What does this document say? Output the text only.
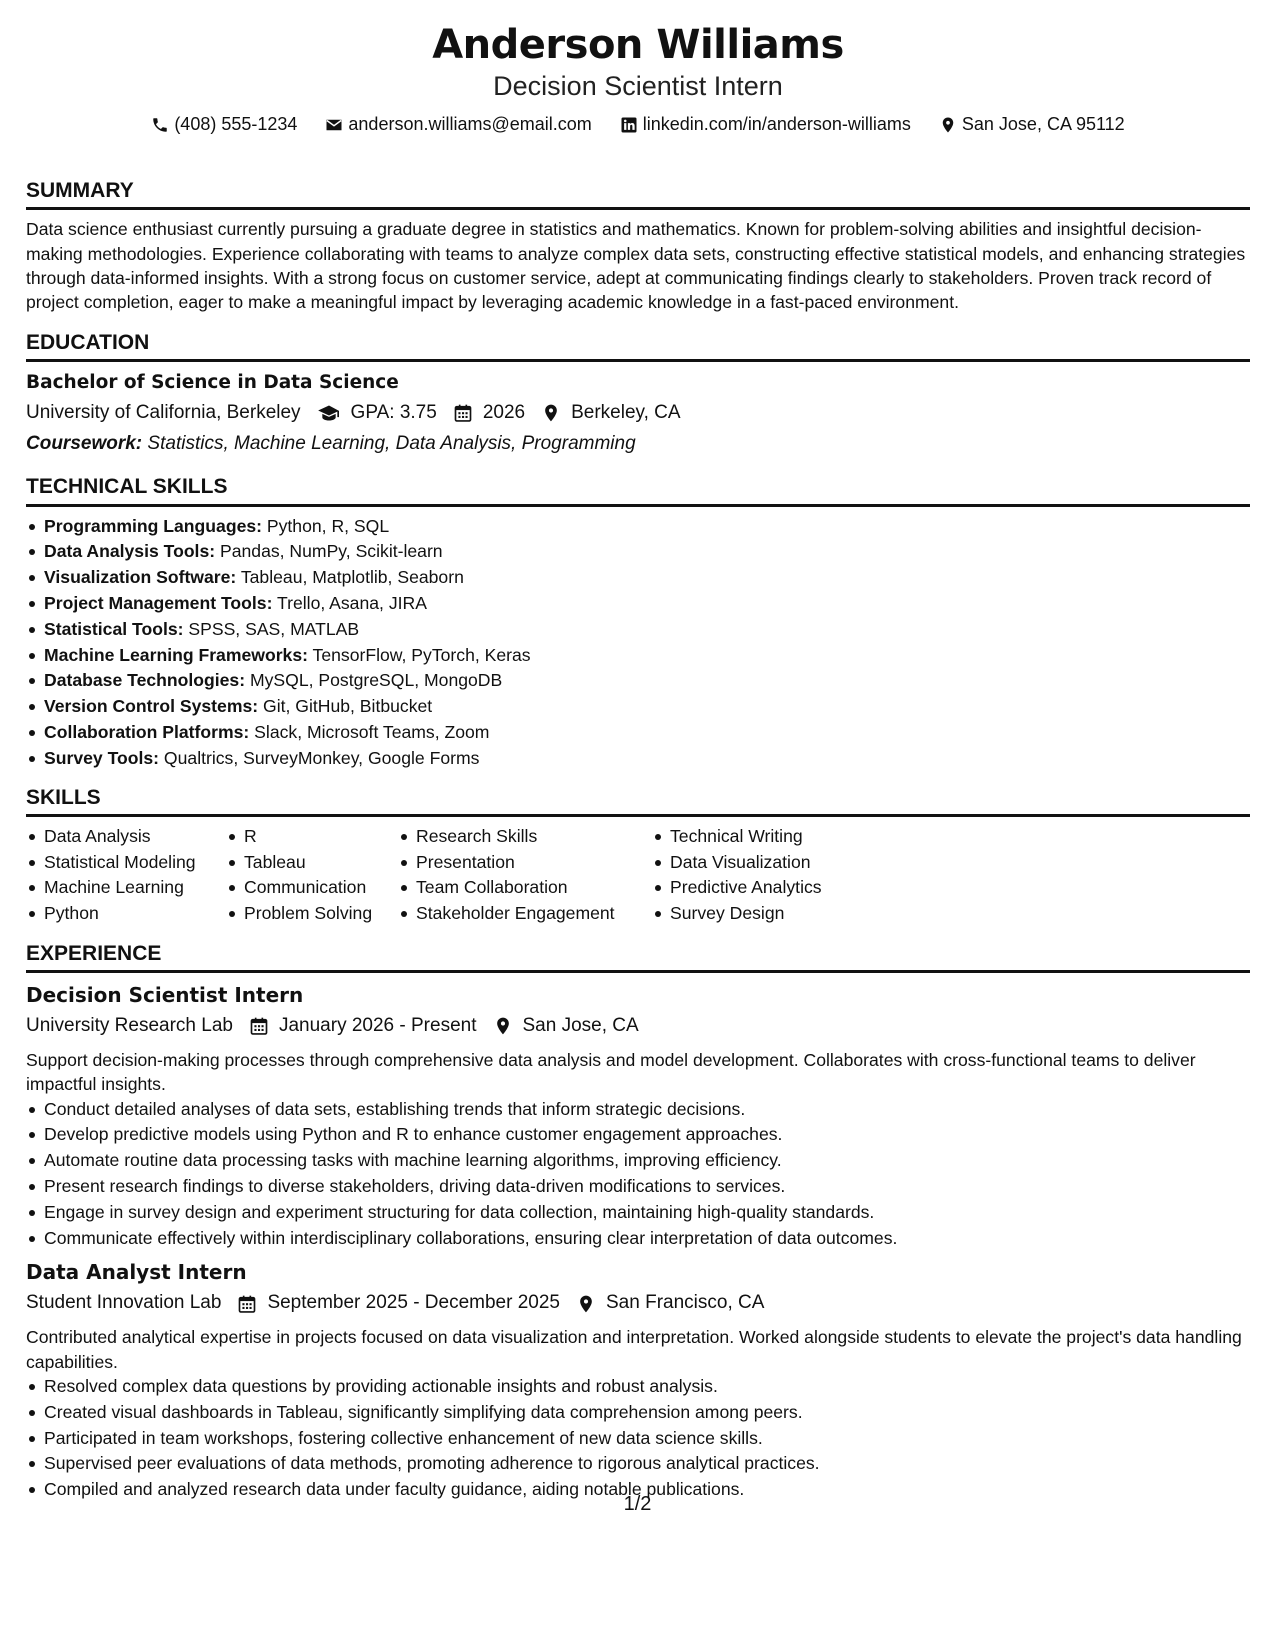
Anderson Williams
Decision Scientist Intern
(408) 555-1234	anderson.williams@email.com	linkedin.com/in/anderson-williams	San Jose, CA 95112
SUMMARY
Data science enthusiast currently pursuing a graduate degree in statistics and mathematics. Known for problem-solving abilities and insightful decision-making methodologies. Experience collaborating with teams to analyze complex data sets, constructing effective statistical models, and enhancing strategies through data-informed insights. With a strong focus on customer service, adept at communicating findings clearly to stakeholders. Proven track record of project completion, eager to make a meaningful impact by leveraging academic knowledge in a fast-paced environment.
EDUCATION
Bachelor of Science in Data Science
University of California, Berkeley	GPA: 3.75 2026 Berkeley, CA
Coursework: Statistics, Machine Learning, Data Analysis, Programming
TECHNICAL SKILLS
Programming Languages: Python, R, SQL
Data Analysis Tools: Pandas, NumPy, Scikit-learn
Visualization Software: Tableau, Matplotlib, Seaborn
Project Management Tools: Trello, Asana, JIRA
Statistical Tools: SPSS, SAS, MATLAB
Machine Learning Frameworks: TensorFlow, PyTorch, Keras
Database Technologies: MySQL, PostgreSQL, MongoDB
Version Control Systems: Git, GitHub, Bitbucket
Collaboration Platforms: Slack, Microsoft Teams, Zoom
Survey Tools: Qualtrics, SurveyMonkey, Google Forms
SKILLS
Data Analysis
Statistical Modeling
Machine Learning
Python
R
Tableau
Communication
Problem Solving
Research Skills
Presentation
Team Collaboration
Stakeholder Engagement
Technical Writing
Data Visualization
Predictive Analytics
Survey Design
EXPERIENCE
Decision Scientist Intern
University Research Lab January 2026 - Present San Jose, CA
Support decision-making processes through comprehensive data analysis and model development. Collaborates with cross-functional teams to deliver impactful insights.
Conduct detailed analyses of data sets, establishing trends that inform strategic decisions.
Develop predictive models using Python and R to enhance customer engagement approaches.
Automate routine data processing tasks with machine learning algorithms, improving efficiency.
Present research findings to diverse stakeholders, driving data-driven modifications to services.
Engage in survey design and experiment structuring for data collection, maintaining high-quality standards.
Communicate effectively within interdisciplinary collaborations, ensuring clear interpretation of data outcomes.
Data Analyst Intern
Student Innovation Lab September 2025 - December 2025 San Francisco, CA
Contributed analytical expertise in projects focused on data visualization and interpretation. Worked alongside students to elevate the project's data handling capabilities.
Resolved complex data questions by providing actionable insights and robust analysis.
Created visual dashboards in Tableau, significantly simplifying data comprehension among peers.
Participated in team workshops, fostering collective enhancement of new data science skills.
Supervised peer evaluations of data methods, promoting adherence to rigorous analytical practices.
Compiled and analyzed research data under faculty guidance, aiding notable publications.
1/2
